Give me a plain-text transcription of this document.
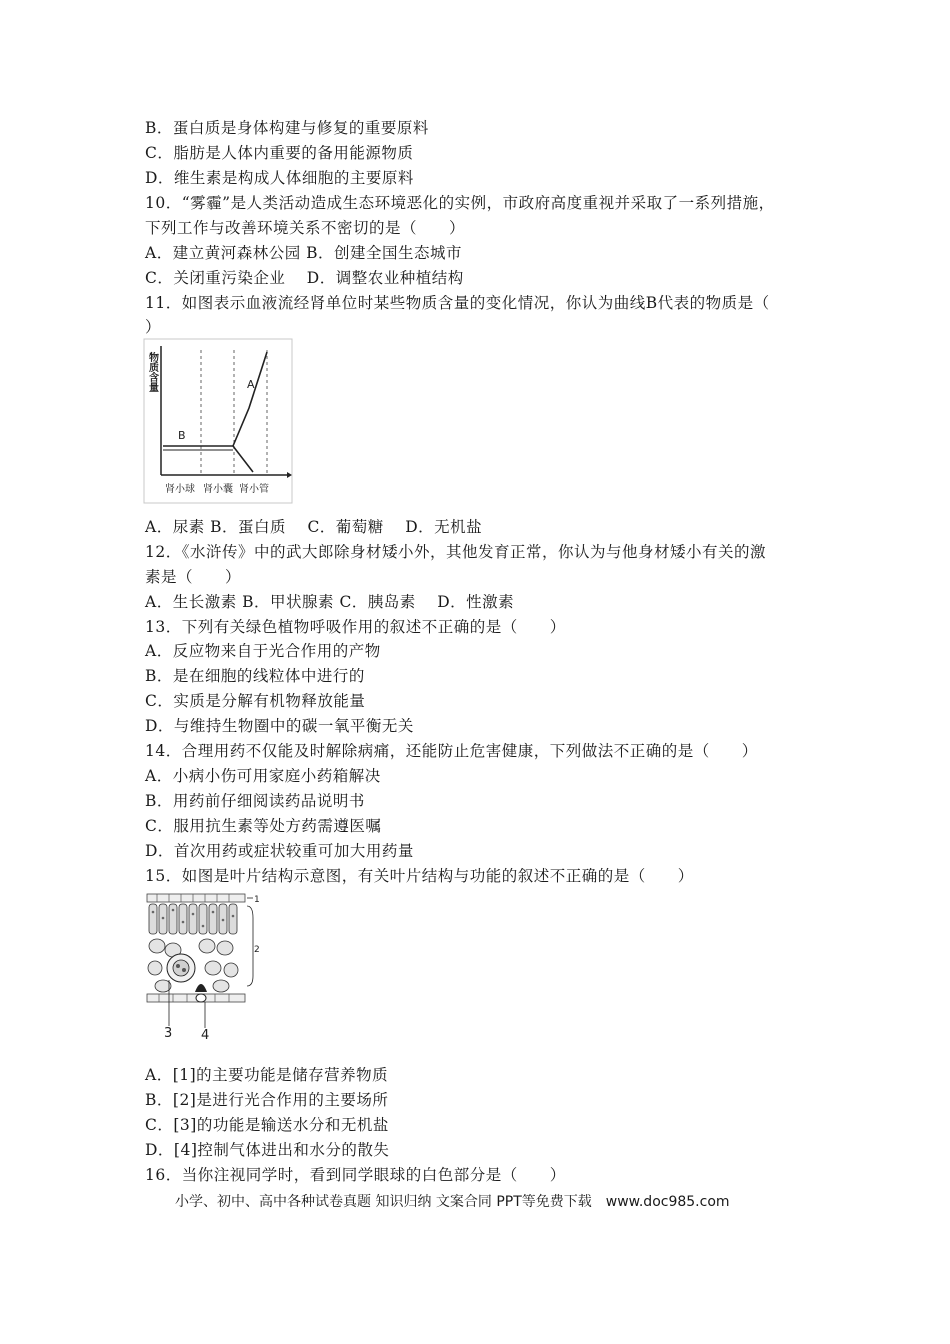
B．蛋白质是身体构建与修复的重要原料
C．脂肪是人体内重要的备用能源物质
D．维生素是构成人体细胞的主要原料
10．“雾霾”是人类活动造成生态环境恶化的实例，市政府高度重视并采取了一系列措施，
下列工作与改善环境关系不密切的是（　　）
A．建立黄河森林公园 B．创建全国生态城市
C．关闭重污染企业　 D．调整农业种植结构
11．如图表示血液流经肾单位时某些物质含量的变化情况，你认为曲线B代表的物质是（
）
物质含量	A
B
肾小球 肾小囊 肾小管
A．尿素 B．蛋白质　 C．葡萄糖　 D．无机盐
12．《水浒传》中的武大郎除身材矮小外，其他发育正常，你认为与他身材矮小有关的激
素是（　　）
A．生长激素 B．甲状腺素 C．胰岛素　 D．性激素
13．下列有关绿色植物呼吸作用的叙述不正确的是（　　）
A．反应物来自于光合作用的产物
B．是在细胞的线粒体中进行的
C．实质是分解有机物释放能量
D．与维持生物圈中的碳一氧平衡无关
14．合理用药不仅能及时解除病痛，还能防止危害健康，下列做法不正确的是（　　）
A．小病小伤可用家庭小药箱解决
B．用药前仔细阅读药品说明书
C．服用抗生素等处方药需遵医嘱
D．首次用药或症状较重可加大用药量
15．如图是叶片结构示意图，有关叶片结构与功能的叙述不正确的是（　　）
1
2
3 4
A．[1]的主要功能是储存营养物质
B．[2]是进行光合作用的主要场所
C．[3]的功能是输送水分和无机盐
D．[4]控制气体进出和水分的散失
16．当你注视同学时，看到同学眼球的白色部分是（　　）
小学、初中、高中各种试卷真题 知识归纳 文案合同 PPT等免费下载　www.doc985.com
